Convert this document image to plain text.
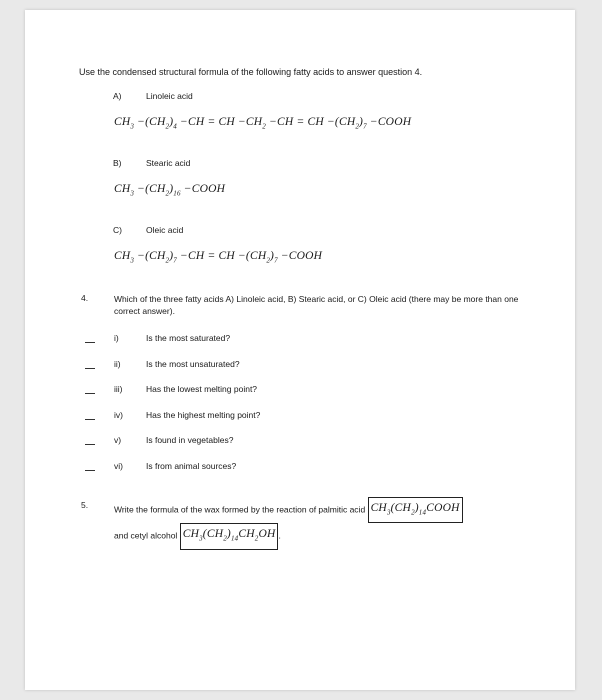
Use the condensed structural formula of the following fatty acids to answer question 4.
A)	Linoleic acid
$CH_3 -(CH_2)_4 -CH$ = CH $-CH_2 -CH$ = CH $-(CH_2)_7$ −COOH
B)	Stearic acid
$CH_3 -(CH_2)_{16}$ −COOH
C)	Oleic acid
$CH_3 -(CH_2)_7 -CH$ = CH $-(CH_2)_7$ −COOH
4.	Which of the three fatty acids A) Linoleic acid, B) Stearic acid, or C) Oleic acid (there may be more than one correct answer).
i)	Is the most saturated?
ii)	Is the most unsaturated?
iii)	Has the lowest melting point?
iv)	Has the highest melting point?
v)	Is found in vegetables?
vi)	Is from animal sources?
5.	Write the formula of the wax formed by the reaction of palmitic acid $CH_3(CH_2)_{14}COOH$
and cetyl alcohol $CH_3(CH_2)_{14}CH_2OH$ .
